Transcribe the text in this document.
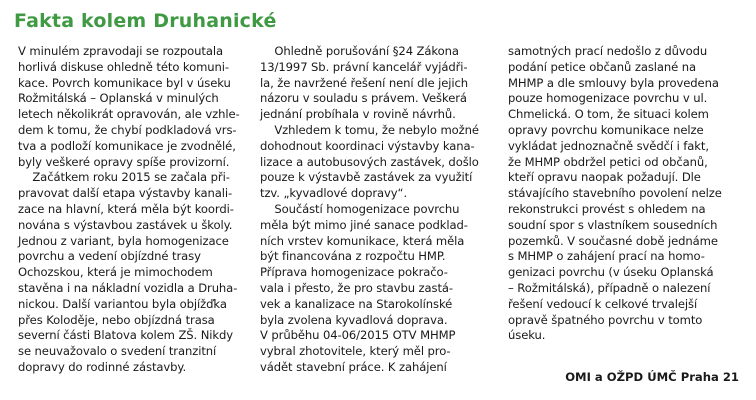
Fakta kolem Druhanické
V minulém zpravodaji se rozpoutala
horlivá diskuse ohledně této komuni-
kace. Povrch komunikace byl v úseku
Rožmitálská – Oplanská v minulých
letech několikrát opravován, ale vzhle-
dem k tomu, že chybí podkladová vrs-
tva a podloží komunikace je zvodnělé,
byly veškeré opravy spíše provizorní.
Začátkem roku 2015 se začala při-
pravovat další etapa výstavby kanali-
zace na hlavní, která měla být koordi-
nována s výstavbou zastávek u školy.
Jednou z variant, byla homogenizace
povrchu a vedení objízdné trasy
Ochozskou, která je mimochodem
stavěna i na nákladní vozidla a Druha-
nickou. Další variantou byla objížďka
přes Koloděje, nebo objízdná trasa
severní části Blatova kolem ZŠ. Nikdy
se neuvažovalo o svedení tranzitní
dopravy do rodinné zástavby.
Ohledně porušování §24 Zákona
13/1997 Sb. právní kancelář vyjádři-
la, že navržené řešení není dle jejich
názoru v souladu s právem. Veškerá
jednání probíhala v rovině návrhů.
Vzhledem k tomu, že nebylo možné
dohodnout koordinaci výstavby kana-
lizace a autobusových zastávek, došlo
pouze k výstavbě zastávek za využití
tzv. „kyvadlové dopravy“.
Součástí homogenizace povrchu
měla být mimo jiné sanace podklad-
ních vrstev komunikace, která měla
být financována z rozpočtu HMP.
Příprava homogenizace pokračo-
vala i přesto, že pro stavbu zastá-
vek a kanalizace na Starokolínské
byla zvolena kyvadlová doprava.
V průběhu 04-06/2015 OTV MHMP
vybral zhotovitele, který měl pro-
vádět stavební práce. K zahájení
samotných prací nedošlo z důvodu
podání petice občanů zaslané na
MHMP a dle smlouvy byla provedena
pouze homogenizace povrchu v ul.
Chmelická. O tom, že situaci kolem
opravy povrchu komunikace nelze
vykládat jednoznačně svědčí i fakt,
že MHMP obdržel petici od občanů,
kteří opravu naopak požadují. Dle
stávajícího stavebního povolení nelze
rekonstrukci provést s ohledem na
soudní spor s vlastníkem sousedních
pozemků. V současné době jednáme
s MHMP o zahájení prací na homo-
genizaci povrchu (v úseku Oplanská
– Rožmitálská), případně o nalezení
řešení vedoucí k celkové trvalejší
opravě špatného povrchu v tomto
úseku.
OMI a OŽPD ÚMČ Praha 21
